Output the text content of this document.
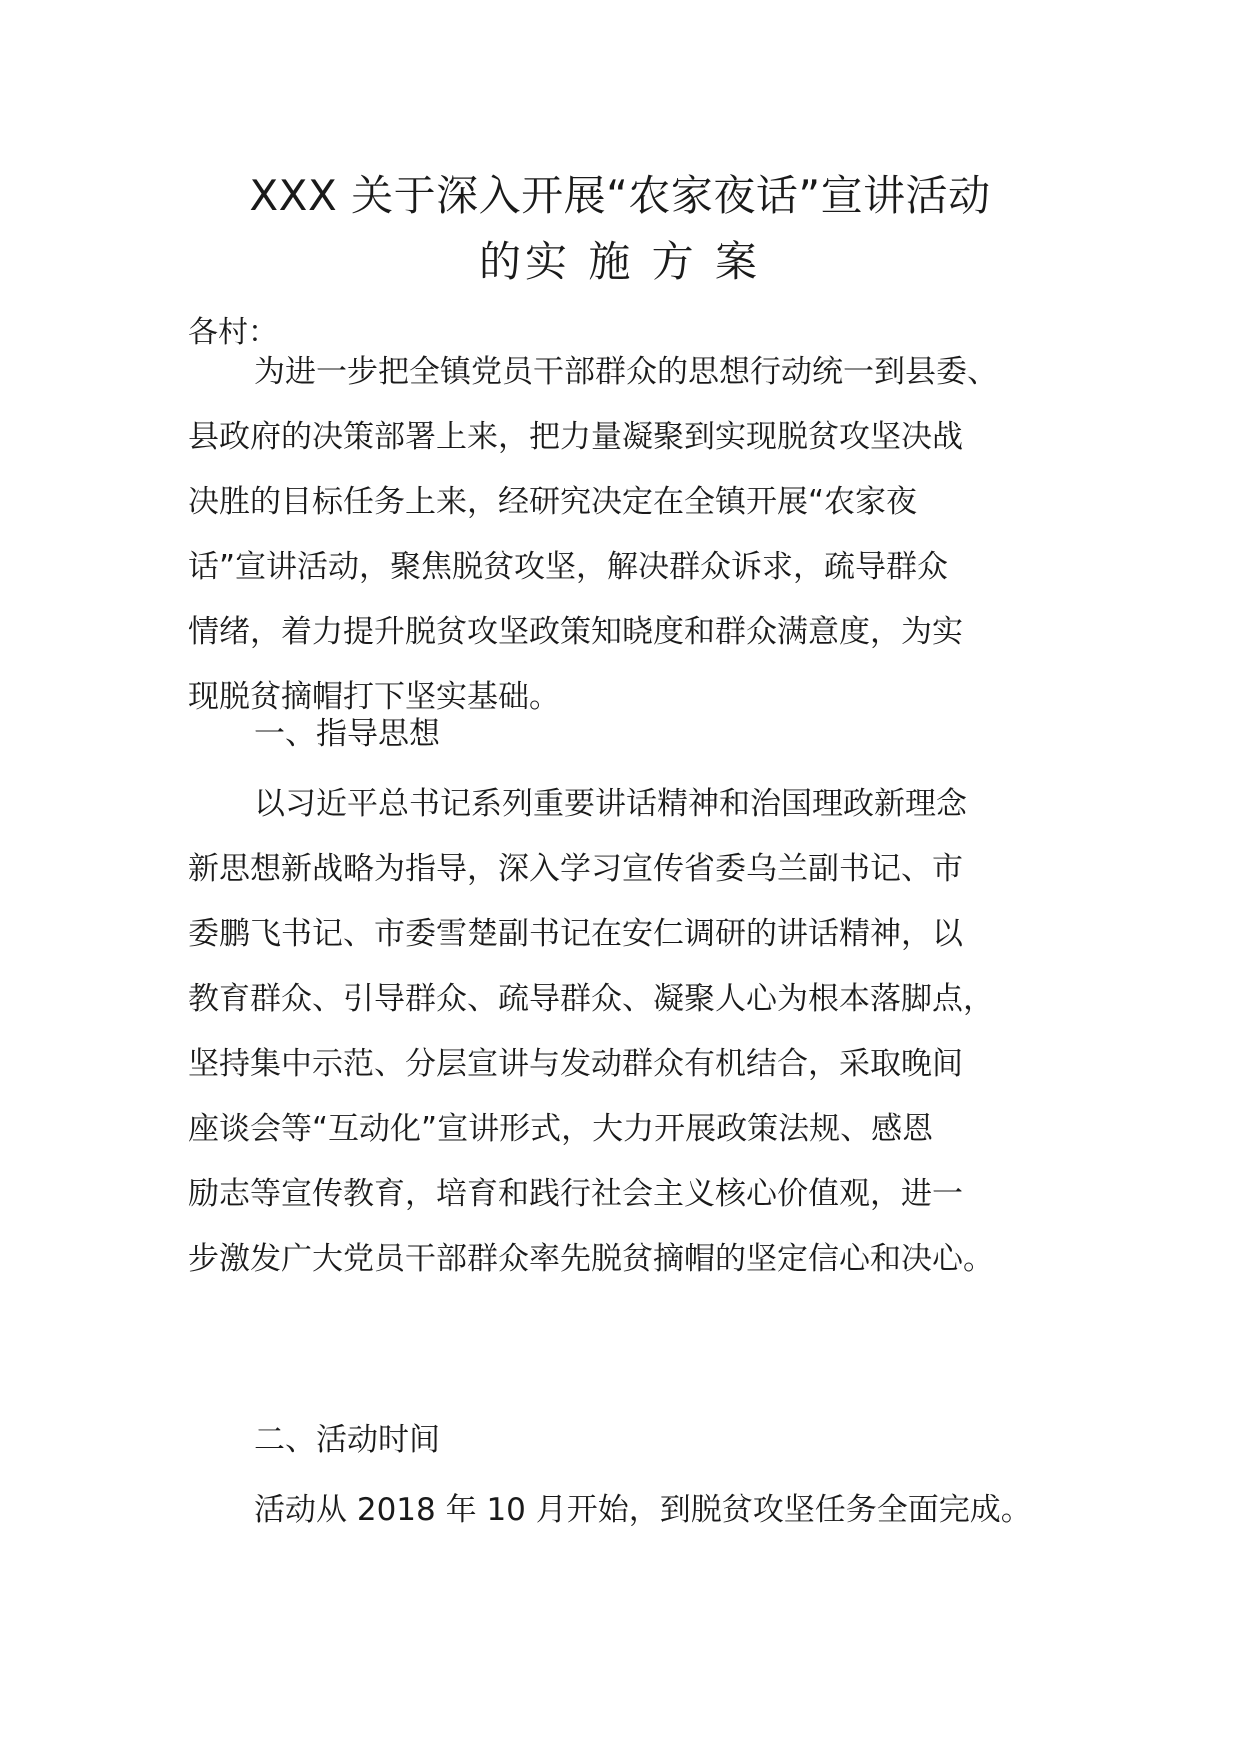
XXX 关于深入开展“农家夜话”宣讲活动
的实 施 方 案
各村：
为进一步把全镇党员干部群众的思想行动统一到县委、
县政府的决策部署上来，把力量凝聚到实现脱贫攻坚决战
决胜的目标任务上来，经研究决定在全镇开展“农家夜
话”宣讲活动，聚焦脱贫攻坚，解决群众诉求，疏导群众
情绪，着力提升脱贫攻坚政策知晓度和群众满意度，为实
现脱贫摘帽打下坚实基础。
一、指导思想
以习近平总书记系列重要讲话精神和治国理政新理念
新思想新战略为指导，深入学习宣传省委乌兰副书记、市
委鹏飞书记、市委雪楚副书记在安仁调研的讲话精神，以
教育群众、引导群众、疏导群众、凝聚人心为根本落脚点，
坚持集中示范、分层宣讲与发动群众有机结合，采取晚间
座谈会等“互动化”宣讲形式，大力开展政策法规、感恩
励志等宣传教育，培育和践行社会主义核心价值观，进一
步激发广大党员干部群众率先脱贫摘帽的坚定信心和决心。
二、活动时间
活动从 2018 年 10 月开始，到脱贫攻坚任务全面完成。
